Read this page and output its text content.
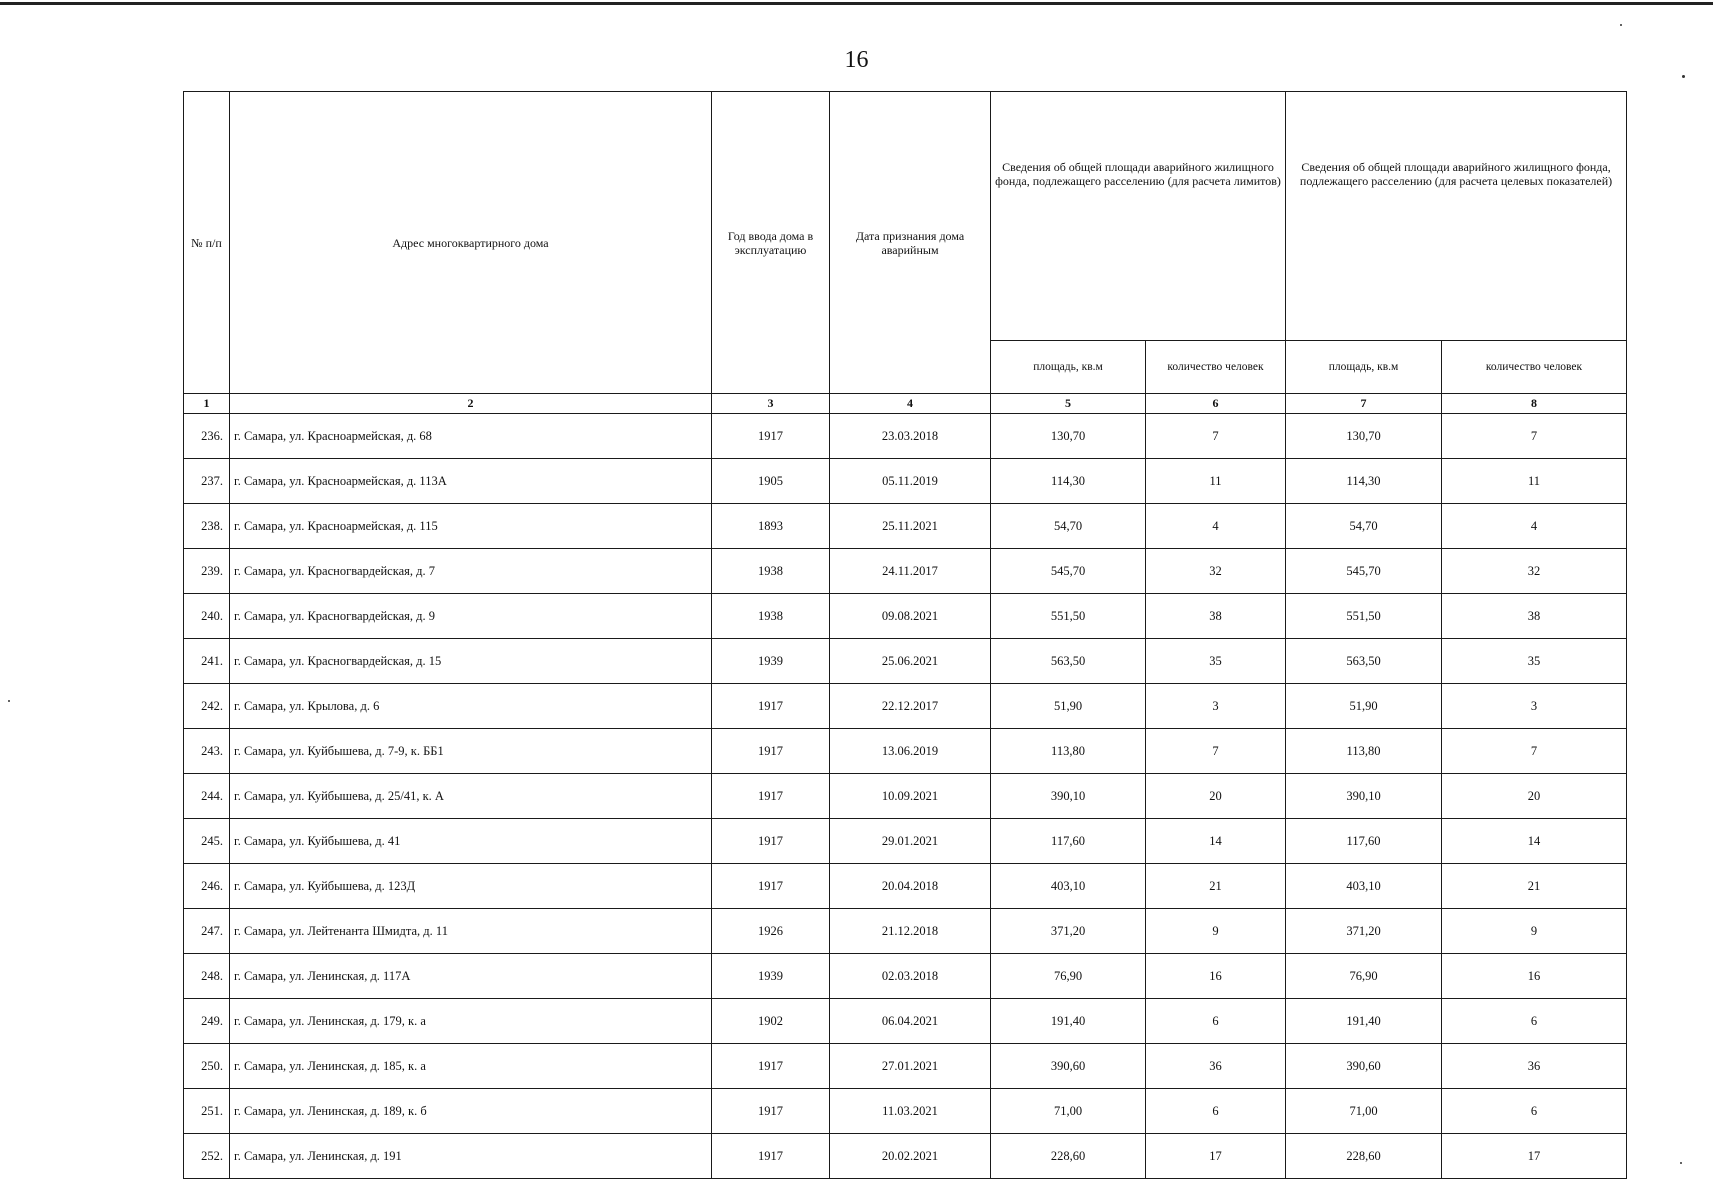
16
№ п/п	Адрес многоквартирного дома	Год ввода дома в эксплуатацию	Дата признания дома аварийным	Сведения об общей площади аварийного жилищного фонда, подлежащего расселению (для расчета лимитов)		Сведения об общей площади аварийного жилищного фонда, подлежащего расселению (для расчета целевых показателей)	
				площадь, кв.м	количество человек	площадь, кв.м	количество человек
1	2	3	4	5	6	7	8
236.	г. Самара, ул. Красноармейская, д. 68	1917	23.03.2018	130,70	7	130,70	7
237.	г. Самара, ул. Красноармейская, д. 113А	1905	05.11.2019	114,30	11	114,30	11
238.	г. Самара, ул. Красноармейская, д. 115	1893	25.11.2021	54,70	4	54,70	4
239.	г. Самара, ул. Красногвардейская, д. 7	1938	24.11.2017	545,70	32	545,70	32
240.	г. Самара, ул. Красногвардейская, д. 9	1938	09.08.2021	551,50	38	551,50	38
241.	г. Самара, ул. Красногвардейская, д. 15	1939	25.06.2021	563,50	35	563,50	35
242.	г. Самара, ул. Крылова, д. 6	1917	22.12.2017	51,90	3	51,90	3
243.	г. Самара, ул. Куйбышева, д. 7-9, к. ББ1	1917	13.06.2019	113,80	7	113,80	7
244.	г. Самара, ул. Куйбышева, д. 25/41, к. А	1917	10.09.2021	390,10	20	390,10	20
245.	г. Самара, ул. Куйбышева, д. 41	1917	29.01.2021	117,60	14	117,60	14
246.	г. Самара, ул. Куйбышева, д. 123Д	1917	20.04.2018	403,10	21	403,10	21
247.	г. Самара, ул. Лейтенанта Шмидта, д. 11	1926	21.12.2018	371,20	9	371,20	9
248.	г. Самара, ул. Ленинская, д. 117А	1939	02.03.2018	76,90	16	76,90	16
249.	г. Самара, ул. Ленинская, д. 179, к. а	1902	06.04.2021	191,40	6	191,40	6
250.	г. Самара, ул. Ленинская, д. 185, к. а	1917	27.01.2021	390,60	36	390,60	36
251.	г. Самара, ул. Ленинская, д. 189, к. б	1917	11.03.2021	71,00	6	71,00	6
252.	г. Самара, ул. Ленинская, д. 191	1917	20.02.2021	228,60	17	228,60	17
